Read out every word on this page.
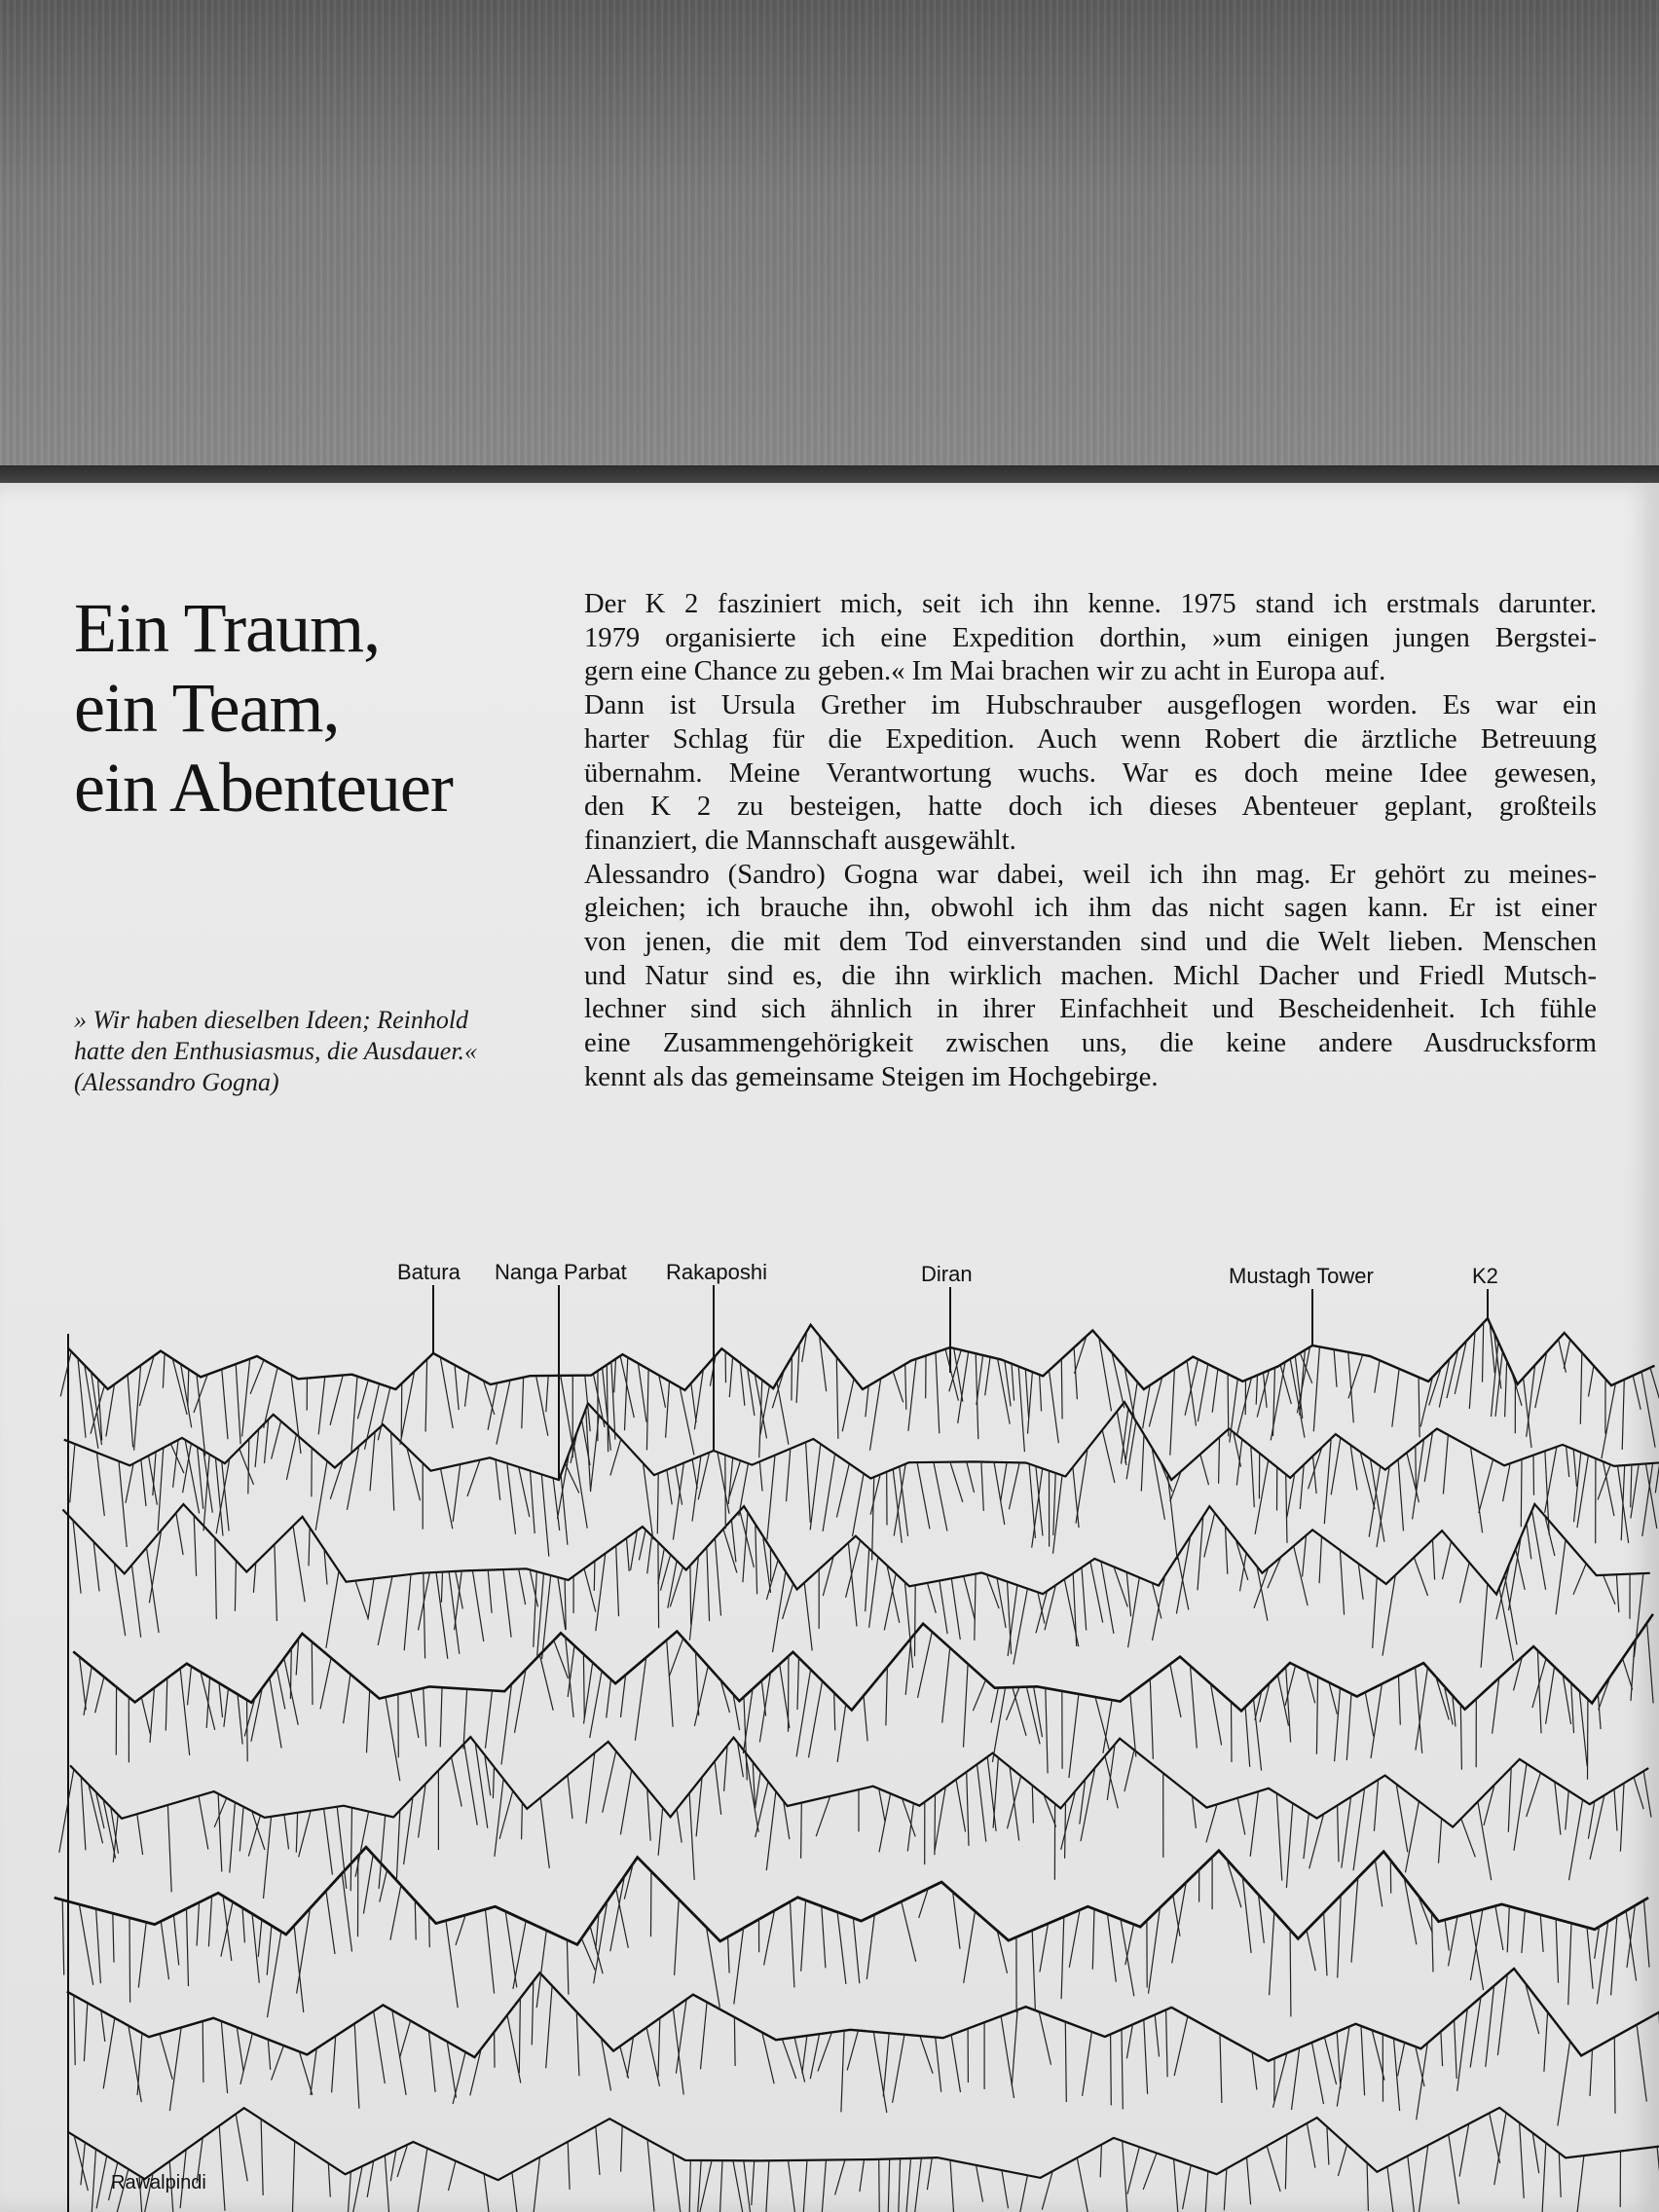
Ein Traum,
ein Team,
ein Abenteuer
» Wir haben dieselben Ideen; Reinhold
hatte den Enthusiasmus, die Ausdauer.«
(Alessandro Gogna)
Der K 2 fasziniert mich, seit ich ihn kenne. 1975 stand ich erstmals darunter.
1979 organisierte ich eine Expedition dorthin, »um einigen jungen Bergstei-
gern eine Chance zu geben.« Im Mai brachen wir zu acht in Europa auf.
Dann ist Ursula Grether im Hubschrauber ausgeflogen worden. Es war ein
harter Schlag für die Expedition. Auch wenn Robert die ärztliche Betreuung
übernahm. Meine Verantwortung wuchs. War es doch meine Idee gewesen,
den K 2 zu besteigen, hatte doch ich dieses Abenteuer geplant, großteils
finanziert, die Mannschaft ausgewählt.
Alessandro (Sandro) Gogna war dabei, weil ich ihn mag. Er gehört zu meines-
gleichen; ich brauche ihn, obwohl ich ihm das nicht sagen kann. Er ist einer
von jenen, die mit dem Tod einverstanden sind und die Welt lieben. Menschen
und Natur sind es, die ihn wirklich machen. Michl Dacher und Friedl Mutsch-
lechner sind sich ähnlich in ihrer Einfachheit und Bescheidenheit. Ich fühle
eine Zusammengehörigkeit zwischen uns, die keine andere Ausdrucksform
kennt als das gemeinsame Steigen im Hochgebirge.
Batura Nanga Parbat Rakaposhi	Diran	Mustagh Tower	K2
Rawalpindi
